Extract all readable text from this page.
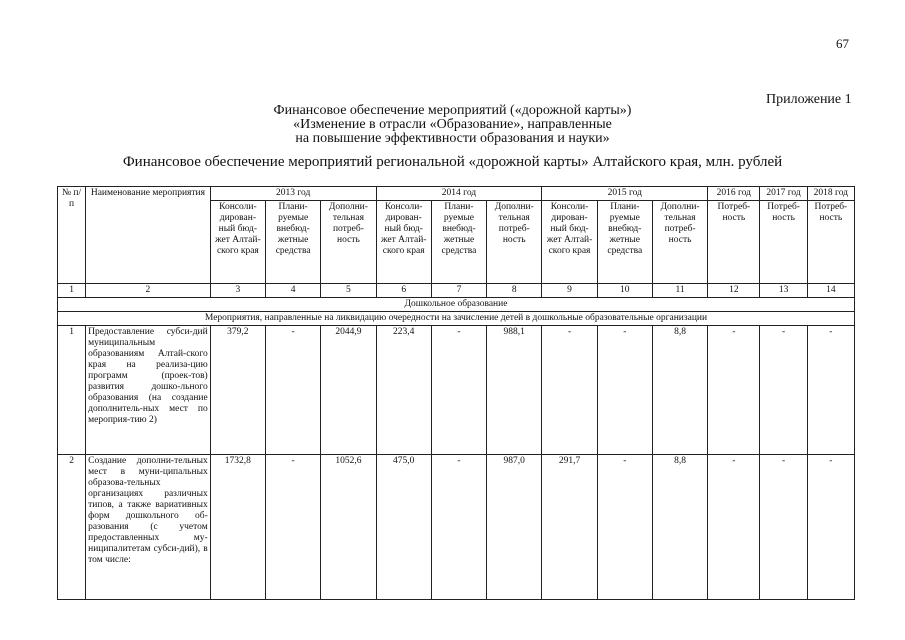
67
Приложение 1
Финансовое обеспечение мероприятий («дорожной карты»)
«Изменение в отрасли «Образование», направленные
на повышение эффективности образования и науки»
Финансовое обеспечение мероприятий региональной «дорожной карты» Алтайского края, млн. рублей
№ п/п	Наименование мероприятия	2013 год			2014 год			2015 год			2016 год	2017 год	2018 год
		Консоли-дирован-ный бюд-жет Алтай-ского края	Плани-руемые внебюд-жетные средства	Дополни-тельная потреб-ность	Консоли-дирован-ный бюд-жет Алтай-ского края	Плани-руемые внебюд-жетные средства	Дополни-тельная потреб-ность	Консоли-дирован-ный бюд-жет Алтай-ского края	Плани-руемые внебюд-жетные средства	Дополни-тельная потреб-ность	Потреб-ность	Потреб-ность	Потреб-ность
1	2	3	4	5	6	7	8	9	10	11	12	13	14
Дошкольное образование													
Мероприятия, направленные на ликвидацию очередности на зачисление детей в дошкольные образовательные организации													
1	Предоставление субси-дий муниципальным образованиям Алтай-ского края на реализа-цию программ (проек-тов) развития дошко-льного образования (на создание дополнитель-ных мест по мероприя-тию 2)	379,2	-	2044,9	223,4	-	988,1	-	-	8,8	-	-	-
2	Создание дополни-тельных мест в муни-ципальных образова-тельных организациях различных типов, а также вариативных форм дошкольного об-разования (с учетом предоставленных му-ниципалитетам субси-дий), в том числе:	1732,8	-	1052,6	475,0	-	987,0	291,7	-	8,8	-	-	-
